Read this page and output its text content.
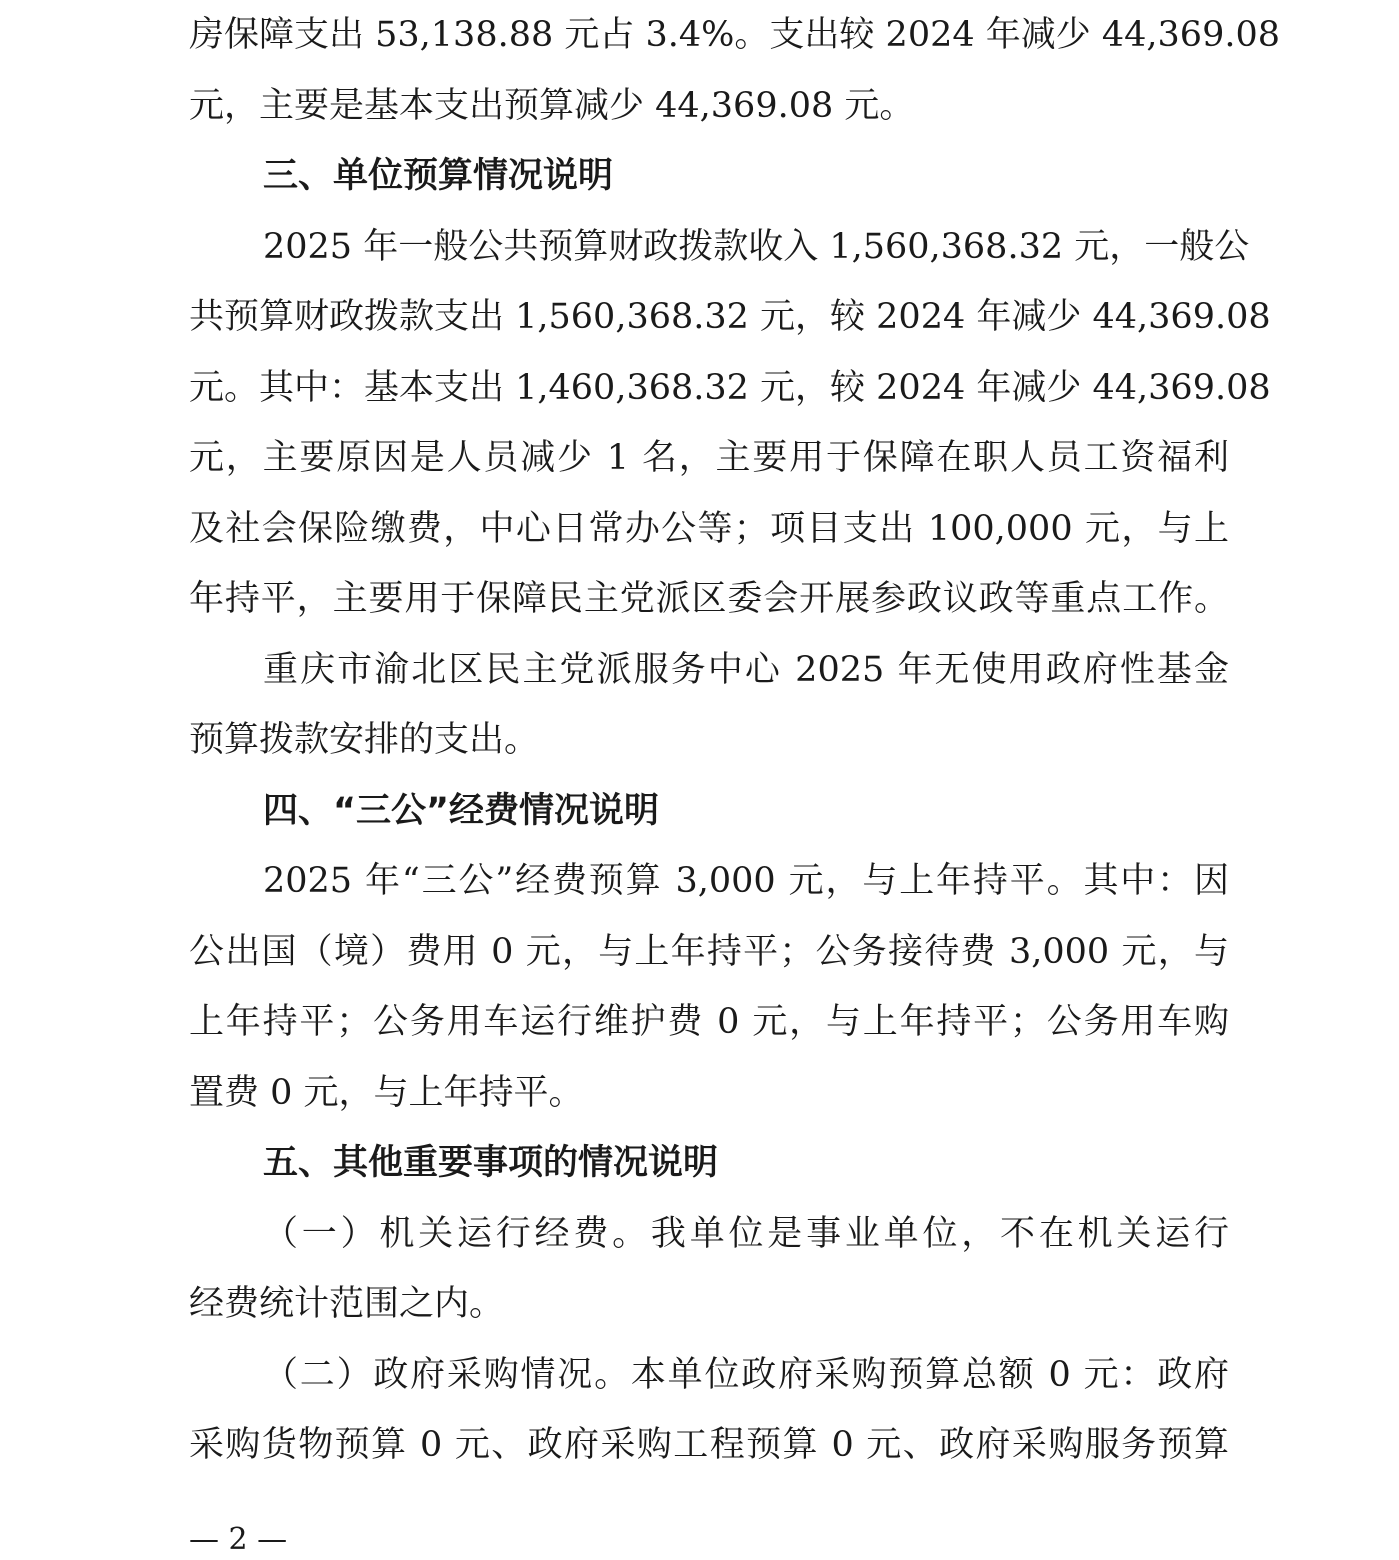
房保障支出 53,138.88 元占 3.4%。支出较 2024 年减少 44,369.08
元，主要是基本支出预算减少 44,369.08 元。
三、单位预算情况说明
2025 年一般公共预算财政拨款收入 1,560,368.32 元，一般公
共预算财政拨款支出 1,560,368.32 元，较 2024 年减少 44,369.08
元。其中：基本支出 1,460,368.32 元，较 2024 年减少 44,369.08
元，主要原因是人员减少 1 名，主要用于保障在职人员工资福利
及社会保险缴费，中心日常办公等；项目支出 100,000 元，与上
年持平，主要用于保障民主党派区委会开展参政议政等重点工作。
重庆市渝北区民主党派服务中心 2025 年无使用政府性基金
预算拨款安排的支出。
四、“三公”经费情况说明
2025 年“三公”经费预算 3,000 元，与上年持平。其中：因
公出国（境）费用 0 元，与上年持平；公务接待费 3,000 元，与
上年持平；公务用车运行维护费 0 元，与上年持平；公务用车购
置费 0 元，与上年持平。
五、其他重要事项的情况说明
（一）机关运行经费。我单位是事业单位，不在机关运行
经费统计范围之内。
（二）政府采购情况。本单位政府采购预算总额 0 元：政府
采购货物预算 0 元、政府采购工程预算 0 元、政府采购服务预算
— 2 —
